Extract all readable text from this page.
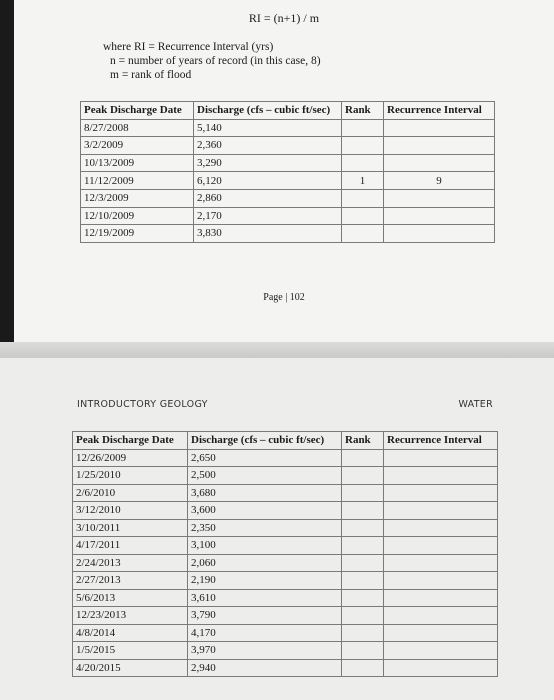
RI = (n+1) / m
where RI = Recurrence Interval (yrs)
n = number of years of record (in this case, 8)
m = rank of flood
Peak Discharge Date	Discharge (cfs – cubic ft/sec)	Rank	Recurrence Interval
8/27/2008	5,140		
3/2/2009	2,360		
10/13/2009	3,290		
11/12/2009	6,120	1	9
12/3/2009	2,860		
12/10/2009	2,170		
12/19/2009	3,830		
Page | 102
INTRODUCTORY GEOLOGY	WATER
Peak Discharge Date	Discharge (cfs – cubic ft/sec)	Rank	Recurrence Interval
12/26/2009	2,650		
1/25/2010	2,500		
2/6/2010	3,680		
3/12/2010	3,600		
3/10/2011	2,350		
4/17/2011	3,100		
2/24/2013	2,060		
2/27/2013	2,190		
5/6/2013	3,610		
12/23/2013	3,790		
4/8/2014	4,170		
1/5/2015	3,970		
4/20/2015	2,940		
